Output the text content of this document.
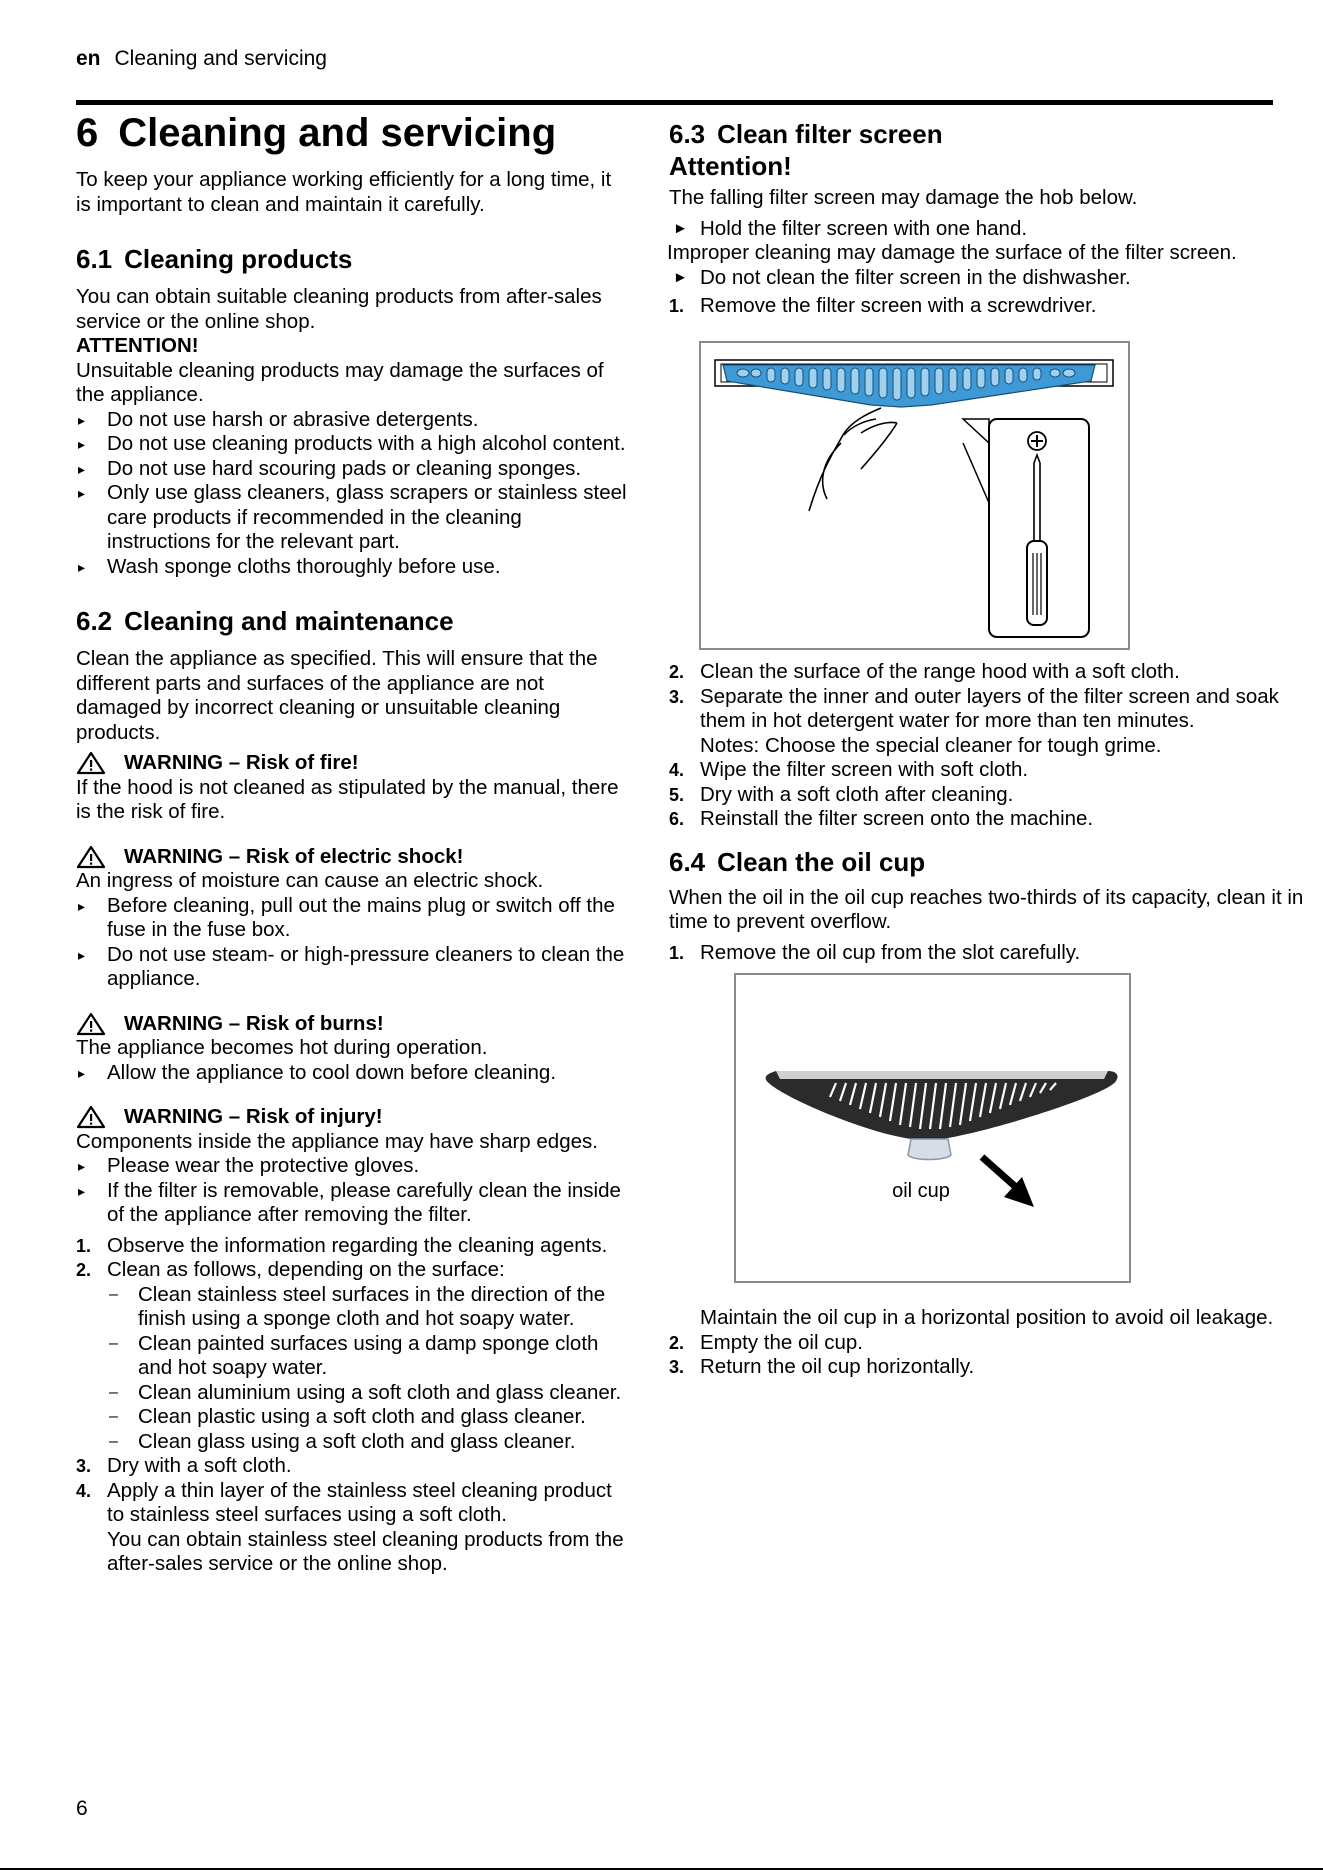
en Cleaning and servicing
6 Cleaning and servicing

To keep your appliance working efficiently for a long time, it is important to clean and maintain it carefully.

6.1 Cleaning products

You can obtain suitable cleaning products from after-sales service or the online shop.

ATTENTION!

Unsuitable cleaning products may damage the surfaces of the appliance.

▸ Do not use harsh or abrasive detergents.
▸ Do not use cleaning products with a high alcohol content.
▸ Do not use hard scouring pads or cleaning sponges.
▸ Only use glass cleaners, glass scrapers or stainless steel care products if recommended in the cleaning instructions for the relevant part.
▸ Wash sponge cloths thoroughly before use.
6.2 Cleaning and maintenance

Clean the appliance as specified. This will ensure that the different parts and surfaces of the appliance are not damaged by incorrect cleaning or unsuitable cleaning products.

WARNING – Risk of fire!

If the hood is not cleaned as stipulated by the manual, there is the risk of fire.

WARNING – Risk of electric shock!

An ingress of moisture can cause an electric shock.

▸ Before cleaning, pull out the mains plug or switch off the fuse in the fuse box.
▸ Do not use steam- or high-pressure cleaners to clean the appliance.
WARNING – Risk of burns!

The appliance becomes hot during operation.

▸ Allow the appliance to cool down before cleaning.
WARNING – Risk of injury!

Components inside the appliance may have sharp edges.

▸ Please wear the protective gloves.
▸ If the filter is removable, please carefully clean the inside of the appliance after removing the filter.
1. Observe the information regarding the cleaning agents.
2. Clean as follows, depending on the surface:
– Clean stainless steel surfaces in the direction of the finish using a sponge cloth and hot soapy water.
– Clean painted surfaces using a damp sponge cloth and hot soapy water.
– Clean aluminium using a soft cloth and glass cleaner.
– Clean plastic using a soft cloth and glass cleaner.
– Clean glass using a soft cloth and glass cleaner.
3. Dry with a soft cloth.
4. Apply a thin layer of the stainless steel cleaning product to stainless steel surfaces using a soft cloth.
You can obtain stainless steel cleaning products from the after-sales service or the online shop.
6.3 Clean filter screen

Attention!

The falling filter screen may damage the hob below.

► Hold the filter screen with one hand.

Improper cleaning may damage the surface of the filter screen.

► Do not clean the filter screen in the dishwasher.
1. Remove the filter screen with a screwdriver.
2. Clean the surface of the range hood with a soft cloth.
3. Separate the inner and outer layers of the filter screen and soak them in hot detergent water for more than ten minutes.
Notes: Choose the special cleaner for tough grime.
4. Wipe the filter screen with soft cloth.
5. Dry with a soft cloth after cleaning.
6. Reinstall the filter screen onto the machine.
6.4 Clean the oil cup

When the oil in the oil cup reaches two-thirds of its capacity, clean it in time to prevent overflow.

1. Remove the oil cup from the slot carefully.
oil cup

Maintain the oil cup in a horizontal position to avoid oil leakage.

2. Empty the oil cup.
3. Return the oil cup horizontally.
6
